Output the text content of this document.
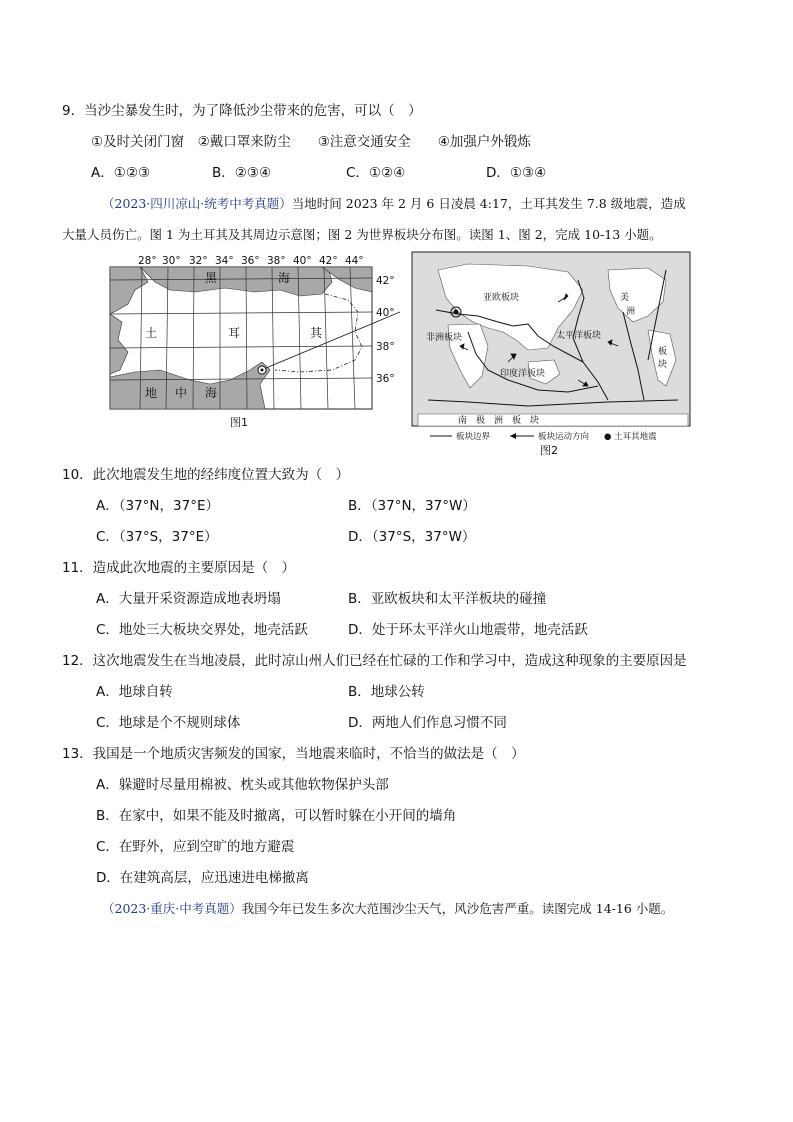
9．当沙尘暴发生时，为了降低沙尘带来的危害，可以（　）
①及时关闭门窗　②戴口罩来防尘　　③注意交通安全　　④加强户外锻炼
A．①②③	B．②③④	C．①②④	D．①③④
（2023·四川凉山·统考中考真题）当地时间 2023 年 2 月 6 日凌晨 4:17，土耳其发生 7.8 级地震，造成
大量人员伤亡。图 1 为土耳其及其周边示意图；图 2 为世界板块分布图。读图 1、图 2，完成 10-13 小题。
28° 30° 32° 34° 36° 38° 40° 42° 44°
42°
40°
38°
36°
黑	海
土	耳	其
地 中 海
图1
亚欧板块
非洲板块	太平洋板块
印度洋板块
南　极　洲　板　块
美
洲
板
块
板块边界	板块运动方向 ● 土耳其地震
图2
10．此次地震发生地的经纬度位置大致为（　）
A．（37°N，37°E）	B．（37°N，37°W）
C．（37°S，37°E）	D．（37°S，37°W）
11．造成此次地震的主要原因是（　）
A．大量开采资源造成地表坍塌	B．亚欧板块和太平洋板块的碰撞
C．地处三大板块交界处，地壳活跃	D．处于环太平洋火山地震带，地壳活跃
12．这次地震发生在当地凌晨，此时凉山州人们已经在忙碌的工作和学习中，造成这种现象的主要原因是
A．地球自转	B．地球公转
C．地球是个不规则球体	D．两地人们作息习惯不同
13．我国是一个地质灾害频发的国家，当地震来临时，不恰当的做法是（　）
A．躲避时尽量用棉被、枕头或其他软物保护头部
B．在家中，如果不能及时撤离，可以暂时躲在小开间的墙角
C．在野外，应到空旷的地方避震
D．在建筑高层，应迅速进电梯撤离
（2023·重庆·中考真题）我国今年已发生多次大范围沙尘天气，风沙危害严重。读图完成 14-16 小题。
